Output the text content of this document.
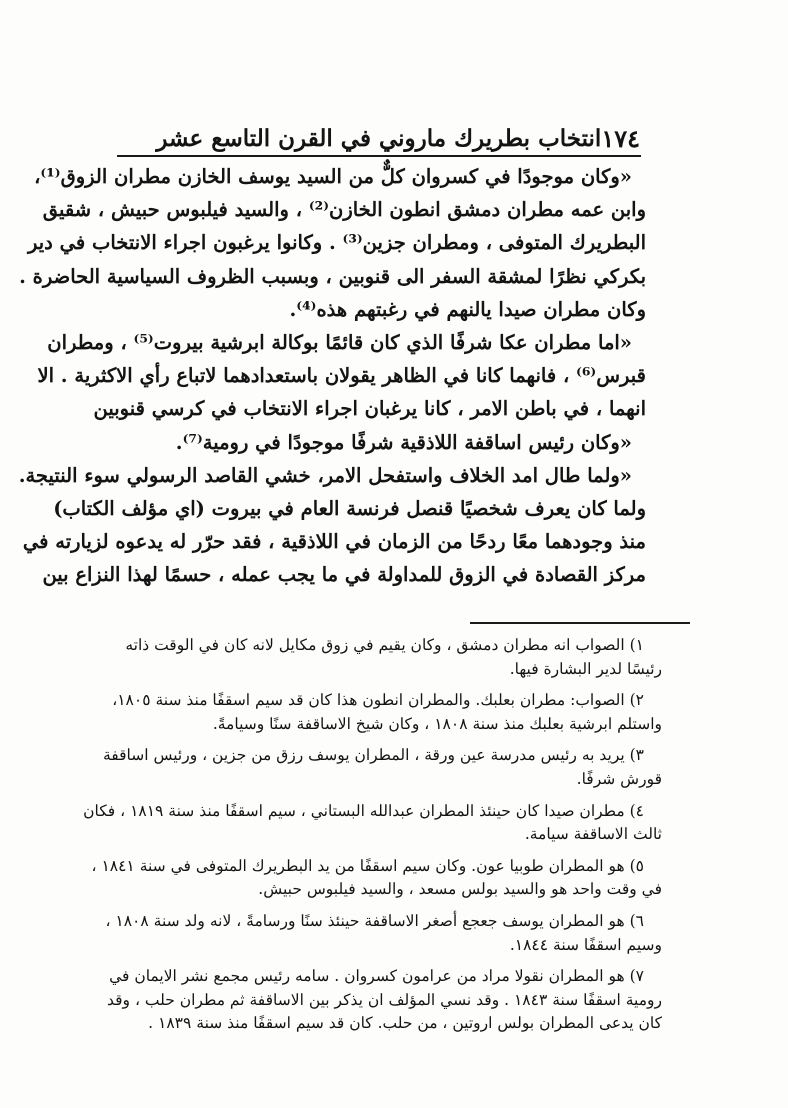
١٧٤
انتخاب بطريرك ماروني في القرن التاسع عشر
«وكان موجودًا في كسروان كلٌّ من السيد يوسف الخازن مطران الزوق⁽¹⁾،
وابن عمه مطران دمشق انطون الخازن⁽²⁾ ، والسيد فيلبوس حبيش ، شقيق
البطريرك المتوفى ، ومطران جزين⁽³⁾ . وكانوا يرغبون اجراء الانتخاب في دير
بكركي نظرًا لمشقة السفر الى قنوبين ، وبسبب الظروف السياسية الحاضرة .
وكان مطران صيدا يالنهم في رغبتهم هذه⁽⁴⁾.
«اما مطران عكا شرفًا الذي كان قائمًا بوكالة ابرشية بيروت⁽⁵⁾ ، ومطران
قبرس⁽⁶⁾ ، فانهما كانا في الظاهر يقولان باستعدادهما لاتباع رأي الاكثرية . الا
انهما ، في باطن الامر ، كانا يرغبان اجراء الانتخاب في كرسي قنوبين
«وكان رئيس اساقفة اللاذقية شرفًا موجودًا في رومية⁽⁷⁾.
«ولما طال امد الخلاف واستفحل الامر، خشي القاصد الرسولي سوء النتيجة.
ولما كان يعرف شخصيًا قنصل فرنسة العام في بيروت (اي مؤلف الكتاب)
منذ وجودهما معًا ردحًا من الزمان في اللاذقية ، فقد حرّر له يدعوه لزيارته في
مركز القصادة في الزوق للمداولة في ما يجب عمله ، حسمًا لهذا النزاع بين
١) الصواب انه مطران دمشق ، وكان يقيم في زوق مكايل لانه كان في الوقت ذاته
رئيسًا لدير البشارة فيها.
٢) الصواب: مطران بعلبك. والمطران انطون هذا كان قد سيم اسقفًا منذ سنة ١٨٠٥،
واستلم ابرشية بعلبك منذ سنة ١٨٠٨ ، وكان شيخ الاساقفة سنًا وسيامةً.
٣) يريد به رئيس مدرسة عين ورقة ، المطران يوسف رزق من جزين ، ورئيس اساقفة
قورش شرفًا.
٤) مطران صيدا كان حينئذ المطران عبدالله البستاني ، سيم اسقفًا منذ سنة ١٨١٩ ، فكان
ثالث الاساقفة سيامة.
٥) هو المطران طوبيا عون. وكان سيم اسقفًا من يد البطريرك المتوفى في سنة ١٨٤١ ،
في وقت واحد هو والسيد بولس مسعد ، والسيد فيلبوس حبيش.
٦) هو المطران يوسف جعجع أصغر الاساقفة حينئذ سنًا ورسامةً ، لانه ولد سنة ١٨٠٨ ،
وسيم اسقفًا سنة ١٨٤٤.
٧) هو المطران نقولا مراد من عرامون كسروان . سامه رئيس مجمع نشر الايمان في
رومية اسقفًا سنة ١٨٤٣ . وقد نسي المؤلف ان يذكر بين الاساقفة ثم مطران حلب ، وقد
كان يدعى المطران بولس اروتين ، من حلب. كان قد سيم اسقفًا منذ سنة ١٨٣٩ .
